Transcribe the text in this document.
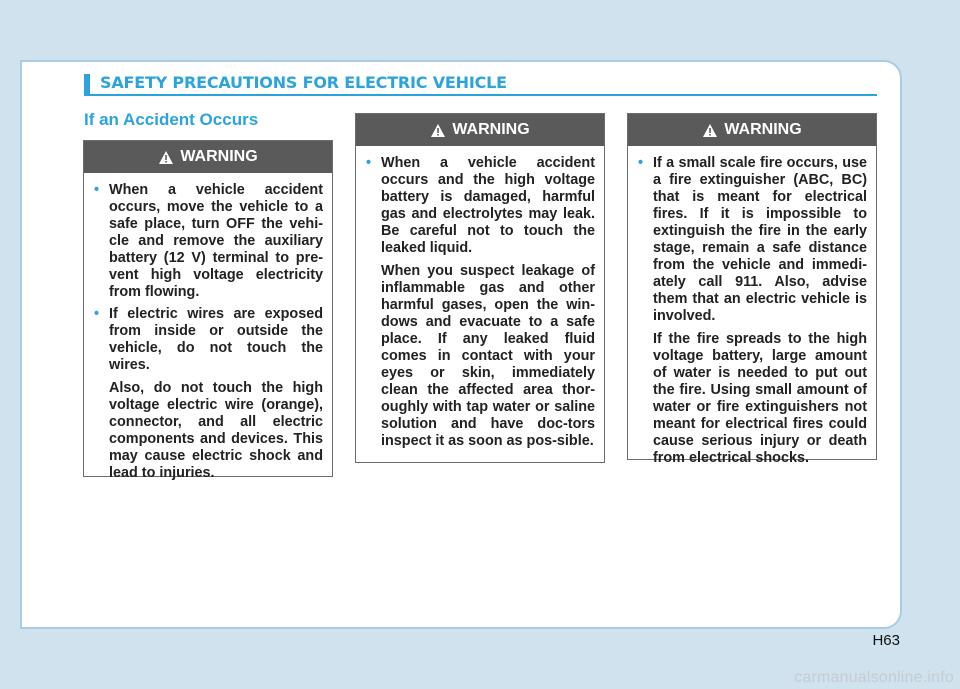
SAFETY PRECAUTIONS FOR ELECTRIC VEHICLE
If an Accident Occurs
WARNING
• When a vehicle accident occurs, move the vehicle to a safe place, turn OFF the vehi-cle and remove the auxiliary battery (12 V) terminal to pre-vent high voltage electricity from flowing.
• If electric wires are exposed from inside or outside the vehicle, do not touch the wires.

Also, do not touch the high voltage electric wire (orange), connector, and all electric components and devices. This may cause electric shock and lead to injuries.

WARNING
• When a vehicle accident occurs and the high voltage battery is damaged, harmful gas and electrolytes may leak. Be careful not to touch the leaked liquid.

When you suspect leakage of inflammable gas and other harmful gases, open the win-dows and evacuate to a safe place. If any leaked fluid comes in contact with your eyes or skin, immediately clean the affected area thor-oughly with tap water or saline solution and have doc-tors inspect it as soon as pos-sible.

WARNING
• If a small scale fire occurs, use a fire extinguisher (ABC, BC) that is meant for electrical fires. If it is impossible to extinguish the fire in the early stage, remain a safe distance from the vehicle and immedi-ately call 911. Also, advise them that an electric vehicle is involved.

If the fire spreads to the high voltage battery, large amount of water is needed to put out the fire. Using small amount of water or fire extinguishers not meant for electrical fires could cause serious injury or death from electrical shocks.

H63
carmanualsonline.info
